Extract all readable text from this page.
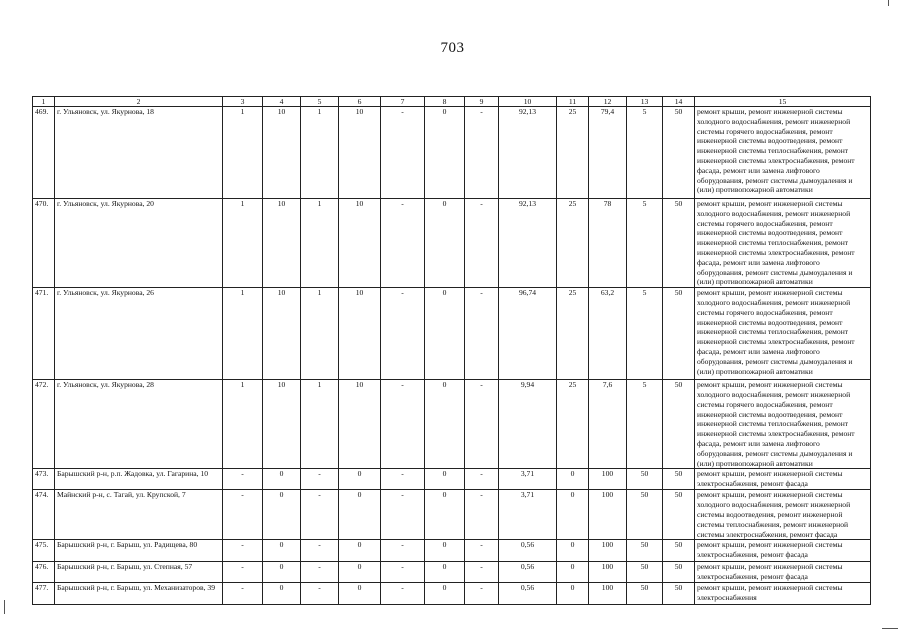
703
1	2	3	4	5	6	7	8	9	10	11	12	13	14	15
469.	г. Ульяновск, ул. Якурнова, 18	1	10	1	10	-	0	-	92,13	25	79,4	5	50	ремонт крыши, ремонт инженерной системы холодного водоснабжения, ремонт инженерной системы горячего водоснабжения, ремонт инженерной системы водоотведения, ремонт инженерной системы теплоснабжения, ремонт инженерной системы электроснабжения, ремонт фасада, ремонт или замена лифтового оборудования, ремонт системы дымоудаления и (или) противопожарной автоматики
470.	г. Ульяновск, ул. Якурнова, 20	1	10	1	10	-	0	-	92,13	25	78	5	50	ремонт крыши, ремонт инженерной системы холодного водоснабжения, ремонт инженерной системы горячего водоснабжения, ремонт инженерной системы водоотведения, ремонт инженерной системы теплоснабжения, ремонт инженерной системы электроснабжения, ремонт фасада, ремонт или замена лифтового оборудования, ремонт системы дымоудаления и (или) противопожарной автоматики
471.	г. Ульяновск, ул. Якурнова, 26	1	10	1	10	-	0	-	96,74	25	63,2	5	50	ремонт крыши, ремонт инженерной системы холодного водоснабжения, ремонт инженерной системы горячего водоснабжения, ремонт инженерной системы водоотведения, ремонт инженерной системы теплоснабжения, ремонт инженерной системы электроснабжения, ремонт фасада, ремонт или замена лифтового оборудования, ремонт системы дымоудаления и (или) противопожарной автоматики
472.	г. Ульяновск, ул. Якурнова, 28	1	10	1	10	-	0	-	9,94	25	7,6	5	50	ремонт крыши, ремонт инженерной системы холодного водоснабжения, ремонт инженерной системы горячего водоснабжения, ремонт инженерной системы водоотведения, ремонт инженерной системы теплоснабжения, ремонт инженерной системы электроснабжения, ремонт фасада, ремонт или замена лифтового оборудования, ремонт системы дымоудаления и (или) противопожарной автоматики
473.	Барышский р-н, р.п. Жадовка, ул. Гагарина, 10	-	0	-	0	-	0	-	3,71	0	100	50	50	ремонт крыши, ремонт инженерной системы электроснабжения, ремонт фасада
474.	Майнский р-н, с. Тагай, ул. Крупской, 7	-	0	-	0	-	0	-	3,71	0	100	50	50	ремонт крыши, ремонт инженерной системы холодного водоснабжения, ремонт инженерной системы водоотведения, ремонт инженерной системы теплоснабжения, ремонт инженерной системы электроснабжения, ремонт фасада
475.	Барышский р-н, г. Барыш, ул. Радищева, 80	-	0	-	0	-	0	-	0,56	0	100	50	50	ремонт крыши, ремонт инженерной системы электроснабжения, ремонт фасада
476.	Барышский р-н, г. Барыш, ул. Степная, 57	-	0	-	0	-	0	-	0,56	0	100	50	50	ремонт крыши, ремонт инженерной системы электроснабжения, ремонт фасада
477.	Барышский р-н, г. Барыш, ул. Механизаторов, 39	-	0	-	0	-	0	-	0,56	0	100	50	50	ремонт крыши, ремонт инженерной системы электроснабжения
